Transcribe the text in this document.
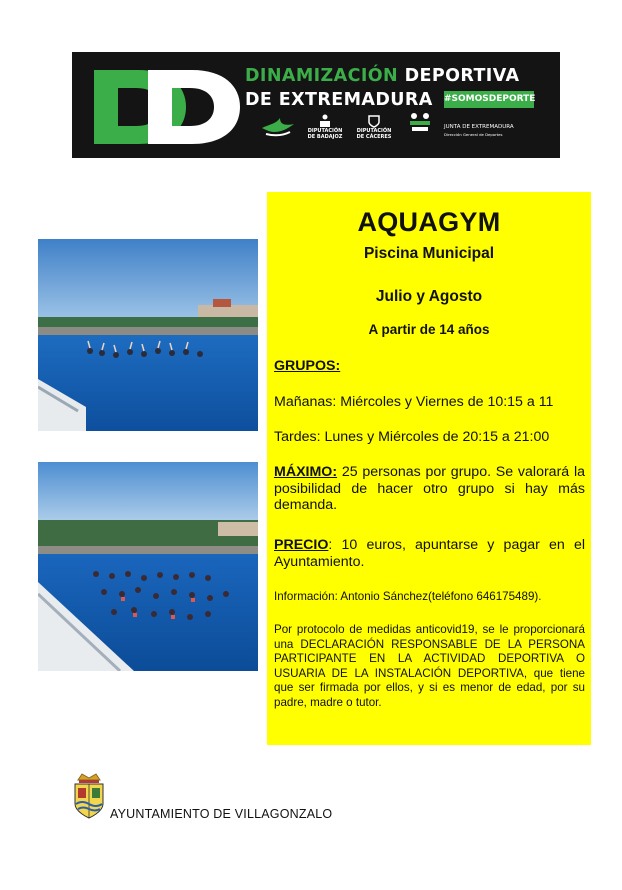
DINAMIZACIÓN DEPORTIVA
DE EXTREMADURA #SOMOSDEPORTE
DIPUTACIÓN
DE BADAJOZ
DIPUTACIÓN
DE CÁCERES
JUNTA DE EXTREMADURA
Dirección General de Deportes
AQUAGYM
Piscina Municipal
Julio y Agosto
A partir de 14 años
GRUPOS:
Mañanas: Miércoles y Viernes de 10:15 a 11
Tardes: Lunes y Miércoles de 20:15 a 21:00
MÁXIMO: 25 personas por grupo. Se valorará la posibilidad de hacer otro grupo si hay más demanda.
PRECIO: 10 euros, apuntarse y pagar en el Ayuntamiento.
Información: Antonio Sánchez(teléfono 646175489).
Por protocolo de medidas anticovid19, se le proporcionará una DECLARACIÓN RESPONSABLE DE LA PERSONA PARTICIPANTE EN LA ACTIVIDAD DEPORTIVA O USUARIA DE LA INSTALACIÓN DEPORTIVA, que tiene que ser firmada por ellos, y si es menor de edad, por su padre, madre o tutor.
AYUNTAMIENTO DE VILLAGONZALO
